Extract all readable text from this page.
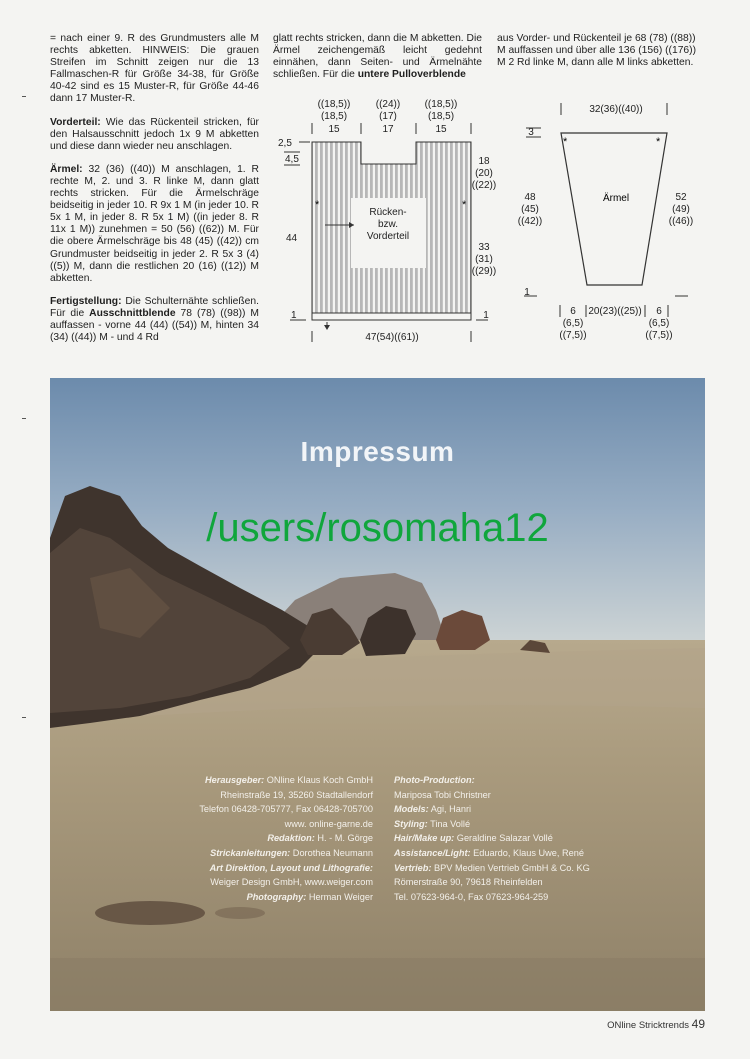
= nach einer 9. R des Grundmusters alle M rechts abketten. HINWEIS: Die grauen Streifen im Schnitt zeigen nur die 13 Fallmaschen-R für Größe 34-38, für Größe 40-42 sind es 15 Muster-R, für Größe 44-46 dann 17 Muster-R.

Vorderteil: Wie das Rückenteil stricken, für den Halsausschnitt jedoch 1x 9 M abketten und diese dann wieder neu anschlagen.

Ärmel: 32 (36) ((40)) M anschlagen, 1. R rechte M, 2. und 3. R linke M, dann glatt rechts stricken. Für die Ärmelschräge beidseitig in jeder 10. R 9x 1 M (in jeder 10. R 5x 1 M, in jeder 8. R 5x 1 M) ((in jeder 8. R 11x 1 M)) zunehmen = 50 (56) ((62)) M. Für die obere Ärmelschräge bis 48 (45) ((42)) cm Grundmuster beidseitig in jeder 2. R 5x 3 (4) ((5)) M, dann die restlichen 20 (16) ((12)) M abketten.

Fertigstellung: Die Schulternähte schließen. Für die Ausschnittblende 78 (78) ((98)) M auffassen - vorne 44 (44) ((54)) M, hinten 34 (34) ((44)) M - und 4 Rd

glatt rechts stricken, dann die M abketten. Die Ärmel zeichengemäß leicht gedehnt einnähen, dann Seiten- und Ärmelnähte schließen. Für die untere Pulloverblende

aus Vorder- und Rückenteil je 68 (78) ((88)) M auffassen und über alle 136 (156) ((176)) M 2 Rd linke M, dann alle M links abketten.

((18,5))
(18,5)
15
((24))
(17)
17
((18,5))
(18,5)
15
Rücken-
bzw.
Vorderteil
*	*
2,5
4,5
44
1
18
(20)
((22))
33
(31)
((29))
1
47(54)((61))
32(36)((40))
*	*
Ärmel
3
48
(45)
((42))
1
52
(49)
((46))
6
(6,5)
((7,5))
20(23)((25)) 6
(6,5)
((7,5))
Impressum
/users/rosomaha12
Herausgeber: ONline Klaus Koch GmbH
Rheinstraße 19, 35260 Stadtallendorf
Telefon 06428-705777, Fax 06428-705700
www. online-garne.de
Redaktion: H. - M. Görge
Strickanleitungen: Dorothea Neumann
Art Direktion, Layout und Lithografie:
Weiger Design GmbH, www.weiger.com
Photography: Herman Weiger
Photo-Production:
Mariposa Tobi Christner
Models: Agi, Hanri
Styling: Tina Vollé
Hair/Make up: Geraldine Salazar Vollé
Assistance/Light: Eduardo, Klaus Uwe, René
Vertrieb: BPV Medien Vertrieb GmbH & Co. KG
Römerstraße 90, 79618 Rheinfelden
Tel. 07623-964-0, Fax 07623-964-259
ONline Stricktrends 49
